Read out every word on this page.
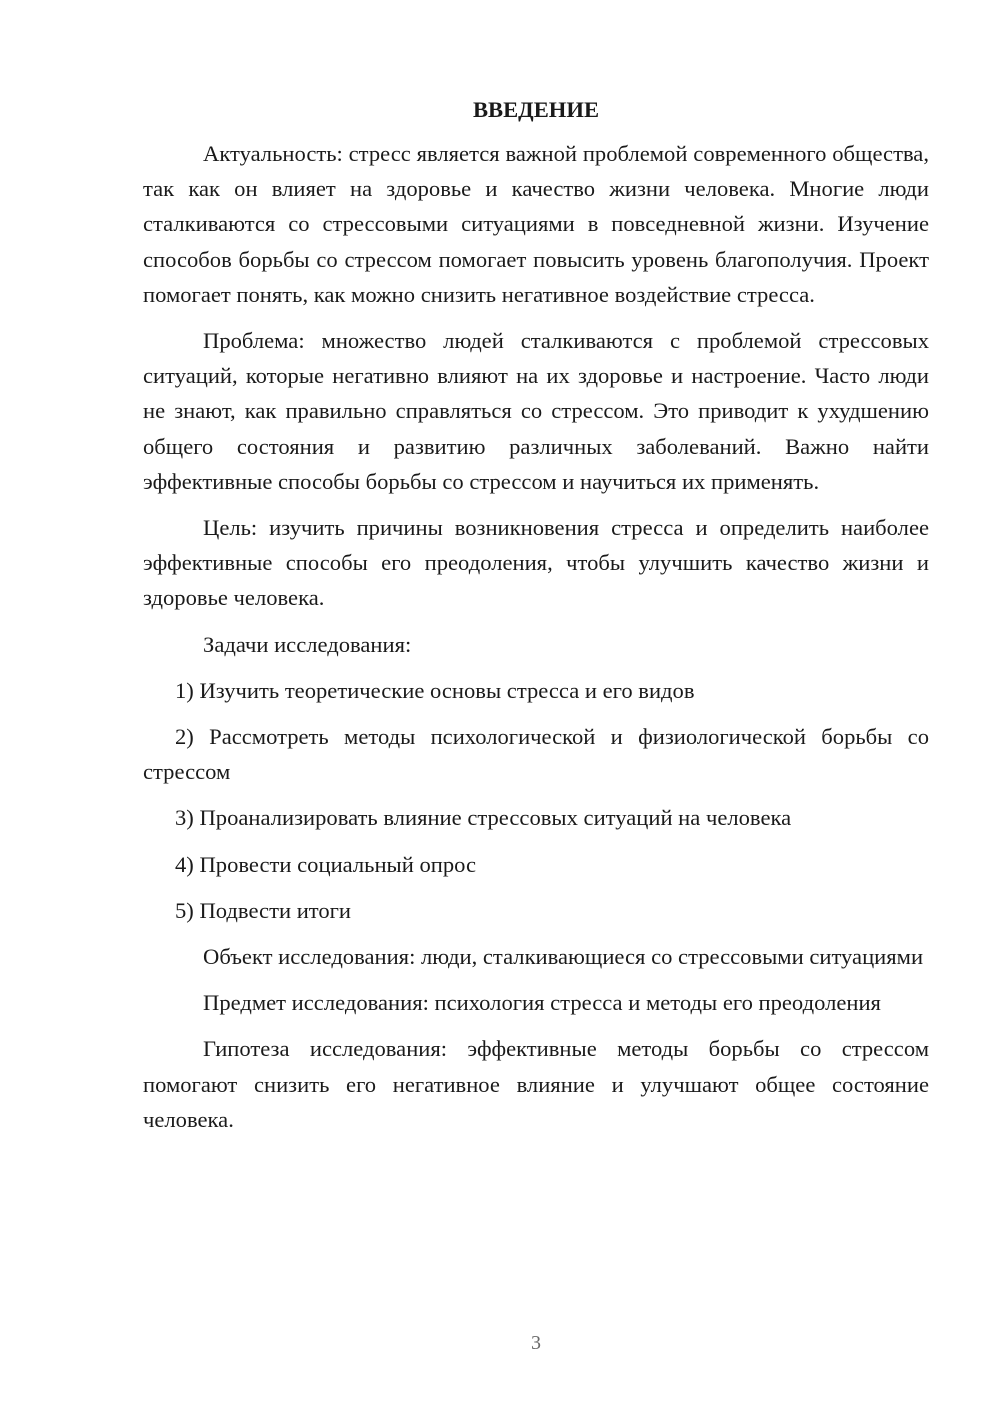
ВВЕДЕНИЕ

Актуальность: стресс является важной проблемой современного общества, так как он влияет на здоровье и качество жизни человека. Многие люди сталкиваются со стрессовыми ситуациями в повседневной жизни. Изучение способов борьбы со стрессом помогает повысить уровень благополучия. Проект помогает понять, как можно снизить негативное воздействие стресса.

Проблема: множество людей сталкиваются с проблемой стрессовых ситуаций, которые негативно влияют на их здоровье и настроение. Часто люди не знают, как правильно справляться со стрессом. Это приводит к ухудшению общего состояния и развитию различных заболеваний. Важно найти эффективные способы борьбы со стрессом и научиться их применять.

Цель: изучить причины возникновения стресса и определить наиболее эффективные способы его преодоления, чтобы улучшить качество жизни и здоровье человека.

Задачи исследования:

1) Изучить теоретические основы стресса и его видов

2) Рассмотреть методы психологической и физиологической борьбы со стрессом

3) Проанализировать влияние стрессовых ситуаций на человека

4) Провести социальный опрос

5) Подвести итоги

Объект исследования: люди, сталкивающиеся со стрессовыми ситуациями

Предмет исследования: психология стресса и методы его преодоления

Гипотеза исследования: эффективные методы борьбы со стрессом помогают снизить его негативное влияние и улучшают общее состояние человека.

3
